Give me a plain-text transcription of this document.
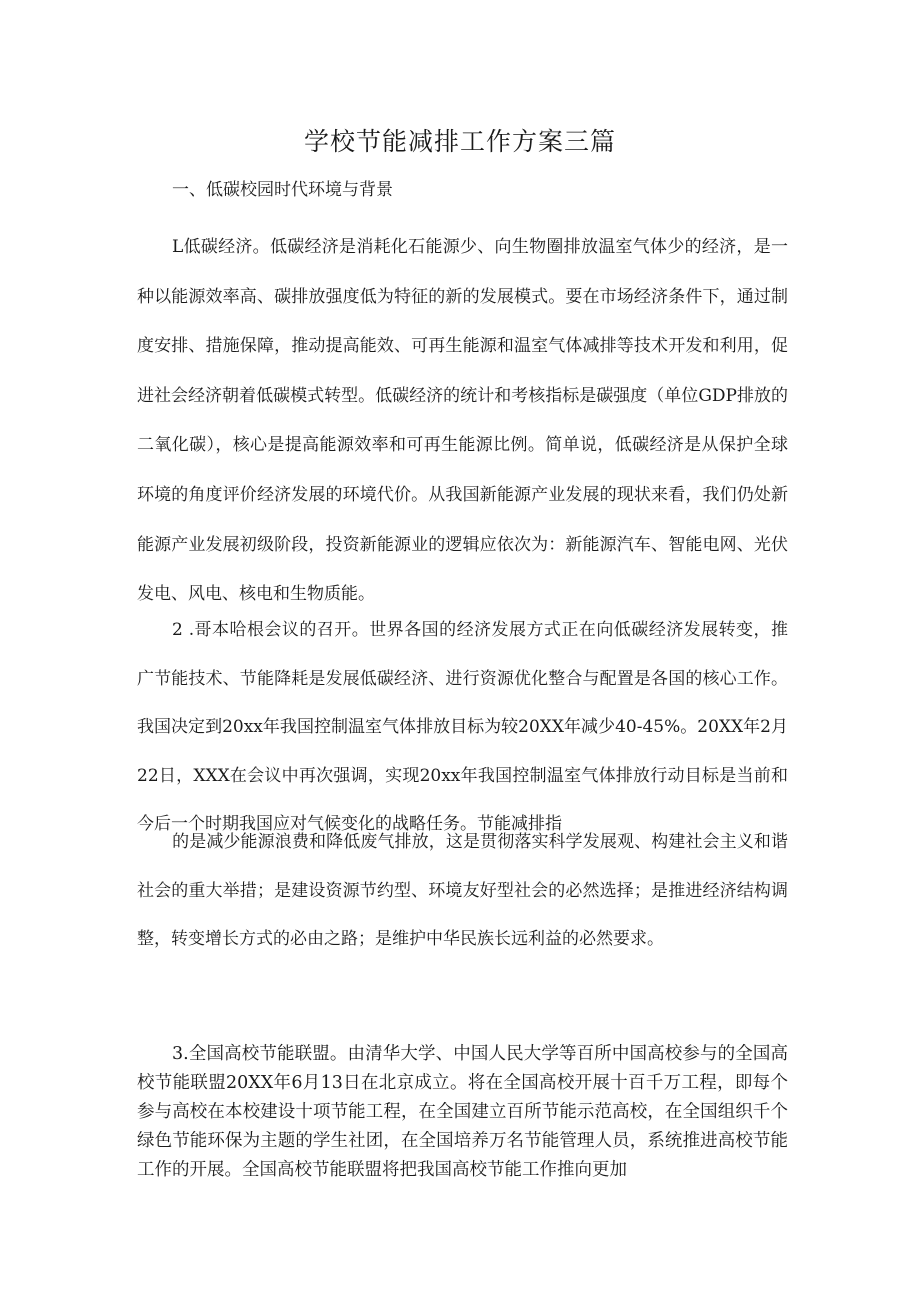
学校节能减排工作方案三篇
一、低碳校园时代环境与背景
L低碳经济。低碳经济是消耗化石能源少、向生物圈排放温室气体少的经济，是一种以能源效率高、碳排放强度低为特征的新的发展模式。要在市场经济条件下，通过制度安排、措施保障，推动提高能效、可再生能源和温室气体减排等技术开发和利用，促进社会经济朝着低碳模式转型。低碳经济的统计和考核指标是碳强度（单位GDP排放的二氧化碳），核心是提高能源效率和可再生能源比例。简单说，低碳经济是从保护全球环境的角度评价经济发展的环境代价。从我国新能源产业发展的现状来看，我们仍处新能源产业发展初级阶段，投资新能源业的逻辑应依次为：新能源汽车、智能电网、光伏发电、风电、核电和生物质能。
2 .哥本哈根会议的召开。世界各国的经济发展方式正在向低碳经济发展转变，推广节能技术、节能降耗是发展低碳经济、进行资源优化整合与配置是各国的核心工作。我国决定到20xx年我国控制温室气体排放目标为较20XX年减少40-45%。20XX年2月22日，XXX在会议中再次强调，实现20xx年我国控制温室气体排放行动目标是当前和今后一个时期我国应对气候变化的战略任务。节能减排指
的是减少能源浪费和降低废气排放，这是贯彻落实科学发展观、构建社会主义和谐社会的重大举措；是建设资源节约型、环境友好型社会的必然选择；是推进经济结构调整，转变增长方式的必由之路；是维护中华民族长远利益的必然要求。
3.全国高校节能联盟。由清华大学、中国人民大学等百所中国高校参与的全国高校节能联盟20XX年6月13日在北京成立。将在全国高校开展十百千万工程，即每个参与高校在本校建设十项节能工程，在全国建立百所节能示范高校，在全国组织千个绿色节能环保为主题的学生社团，在全国培养万名节能管理人员，系统推进高校节能工作的开展。全国高校节能联盟将把我国高校节能工作推向更加
